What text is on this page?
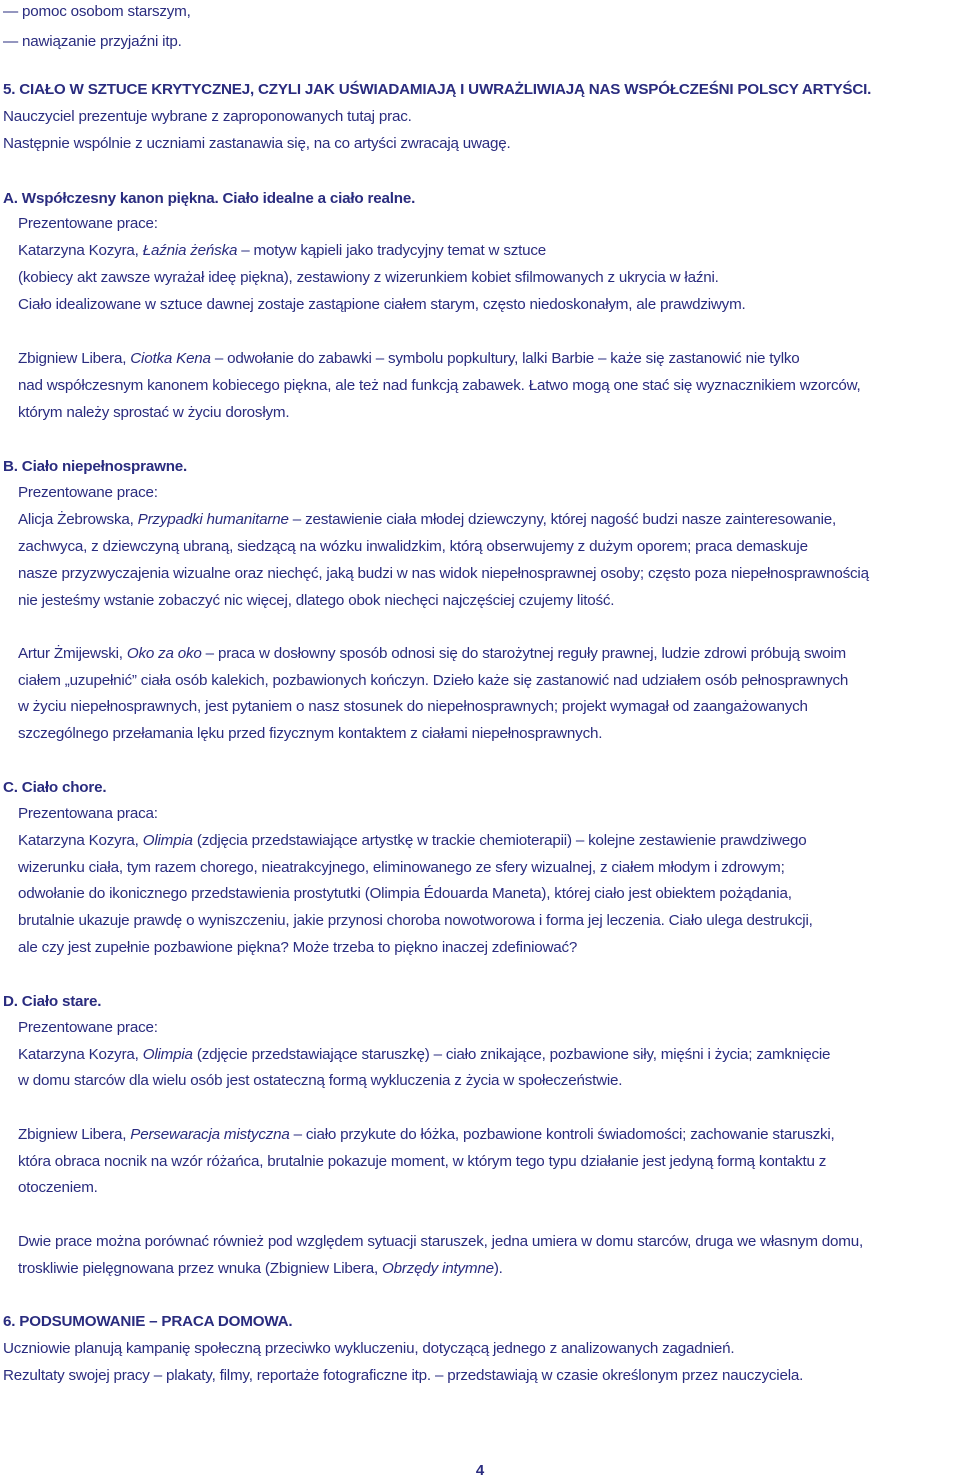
— pomoc osobom starszym,
— nawiązanie przyjaźni itp.
5. CIAŁO W SZTUCE KRYTYCZNEJ, CZYLI JAK UŚWIADAMIAJĄ I UWRAŻLIWIAJĄ NAS WSPÓŁCZEŚNI POLSCY ARTYŚCI.
Nauczyciel prezentuje wybrane z zaproponowanych tutaj prac.
Następnie wspólnie z uczniami zastanawia się, na co artyści zwracają uwagę.
A. Współczesny kanon piękna. Ciało idealne a ciało realne.
Prezentowane prace:
Katarzyna Kozyra, Łaźnia żeńska – motyw kąpieli jako tradycyjny temat w sztuce
(kobiecy akt zawsze wyrażał ideę piękna), zestawiony z wizerunkiem kobiet sfilmowanych z ukrycia w łaźni.
Ciało idealizowane w sztuce dawnej zostaje zastąpione ciałem starym, często niedoskonałym, ale prawdziwym.
Zbigniew Libera, Ciotka Kena – odwołanie do zabawki – symbolu popkultury, lalki Barbie – każe się zastanowić nie tylko
nad współczesnym kanonem kobiecego piękna, ale też nad funkcją zabawek. Łatwo mogą one stać się wyznacznikiem wzorców,
którym należy sprostać w życiu dorosłym.
B. Ciało niepełnosprawne.
Prezentowane prace:
Alicja Żebrowska, Przypadki humanitarne – zestawienie ciała młodej dziewczyny, której nagość budzi nasze zainteresowanie,
zachwyca, z dziewczyną ubraną, siedzącą na wózku inwalidzkim, którą obserwujemy z dużym oporem; praca demaskuje
nasze przyzwyczajenia wizualne oraz niechęć, jaką budzi w nas widok niepełnosprawnej osoby; często poza niepełnosprawnością
nie jesteśmy wstanie zobaczyć nic więcej, dlatego obok niechęci najczęściej czujemy litość.
Artur Żmijewski, Oko za oko – praca w dosłowny sposób odnosi się do starożytnej reguły prawnej, ludzie zdrowi próbują swoim
ciałem „uzupełnić” ciała osób kalekich, pozbawionych kończyn. Dzieło każe się zastanowić nad udziałem osób pełnosprawnych
w życiu niepełnosprawnych, jest pytaniem o nasz stosunek do niepełnosprawnych; projekt wymagał od zaangażowanych
szczególnego przełamania lęku przed fizycznym kontaktem z ciałami niepełnosprawnych.
C. Ciało chore.
Prezentowana praca:
Katarzyna Kozyra, Olimpia (zdjęcia przedstawiające artystkę w trackie chemioterapii) – kolejne zestawienie prawdziwego
wizerunku ciała, tym razem chorego, nieatrakcyjnego, eliminowanego ze sfery wizualnej, z ciałem młodym i zdrowym;
odwołanie do ikonicznego przedstawienia prostytutki (Olimpia Édouarda Maneta), której ciało jest obiektem pożądania,
brutalnie ukazuje prawdę o wyniszczeniu, jakie przynosi choroba nowotworowa i forma jej leczenia. Ciało ulega destrukcji,
ale czy jest zupełnie pozbawione piękna? Może trzeba to piękno inaczej zdefiniować?
D. Ciało stare.
Prezentowane prace:
Katarzyna Kozyra, Olimpia (zdjęcie przedstawiające staruszkę) – ciało znikające, pozbawione siły, mięśni i życia; zamknięcie
w domu starców dla wielu osób jest ostateczną formą wykluczenia z życia w społeczeństwie.
Zbigniew Libera, Persewaracja mistyczna – ciało przykute do łóżka, pozbawione kontroli świadomości; zachowanie staruszki,
która obraca nocnik na wzór różańca, brutalnie pokazuje moment, w którym tego typu działanie jest jedyną formą kontaktu z
otoczeniem.
Dwie prace można porównać również pod względem sytuacji staruszek, jedna umiera w domu starców, druga we własnym domu,
troskliwie pielęgnowana przez wnuka (Zbigniew Libera, Obrzędy intymne).
6. PODSUMOWANIE – PRACA DOMOWA.
Uczniowie planują kampanię społeczną przeciwko wykluczeniu, dotyczącą jednego z analizowanych zagadnień.
Rezultaty swojej pracy – plakaty, filmy, reportaże fotograficzne itp. – przedstawiają w czasie określonym przez nauczyciela.
4
